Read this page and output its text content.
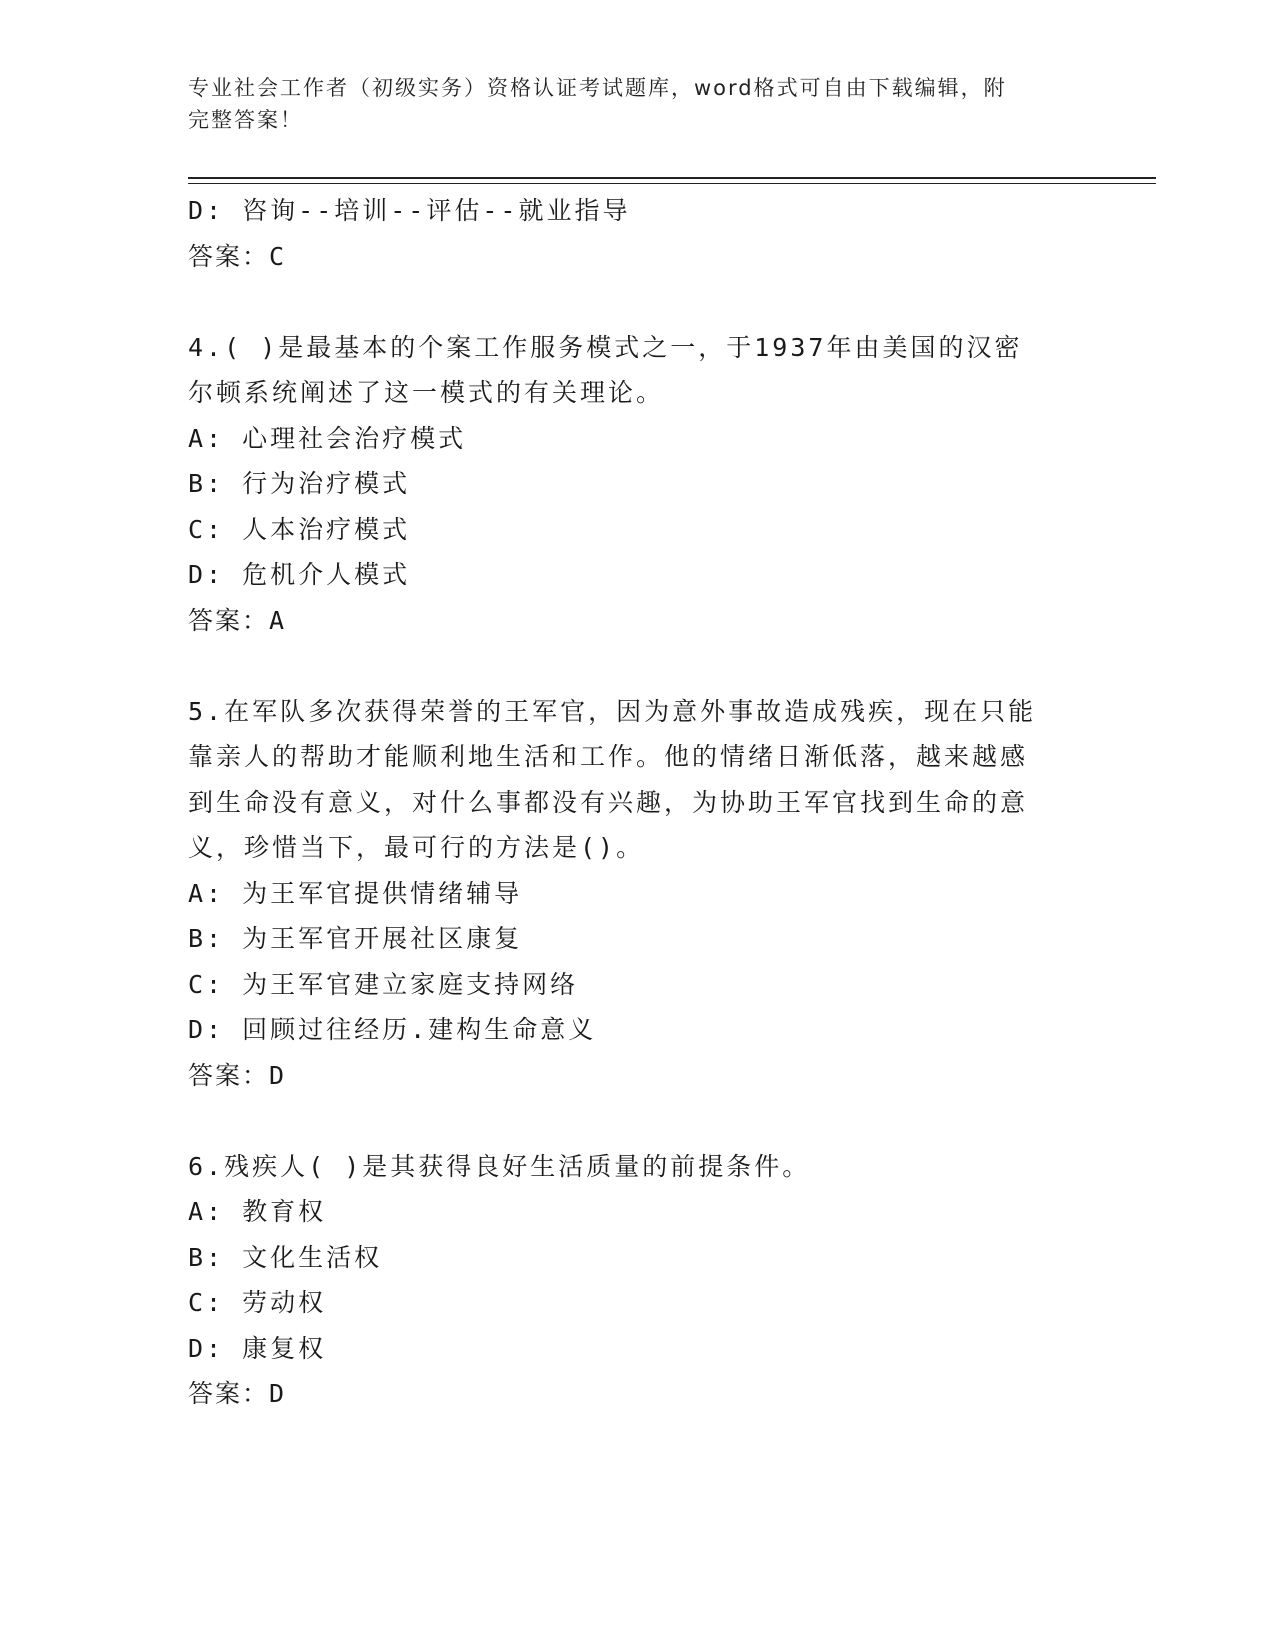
专业社会工作者（初级实务）资格认证考试题库，word格式可自由下载编辑，附
完整答案！
D: 咨询--培训--评估--就业指导
答案：C
4.( )是最基本的个案工作服务模式之一，于1937年由美国的汉密
尔顿系统阐述了这一模式的有关理论。
A: 心理社会治疗模式
B: 行为治疗模式
C: 人本治疗模式
D: 危机介人模式
答案：A
5.在军队多次获得荣誉的王军官，因为意外事故造成残疾，现在只能
靠亲人的帮助才能顺利地生活和工作。他的情绪日渐低落，越来越感
到生命没有意义，对什么事都没有兴趣，为协助王军官找到生命的意
义，珍惜当下，最可行的方法是()。
A: 为王军官提供情绪辅导
B: 为王军官开展社区康复
C: 为王军官建立家庭支持网络
D: 回顾过往经历.建构生命意义
答案：D
6.残疾人( )是其获得良好生活质量的前提条件。
A: 教育权
B: 文化生活权
C: 劳动权
D: 康复权
答案：D
